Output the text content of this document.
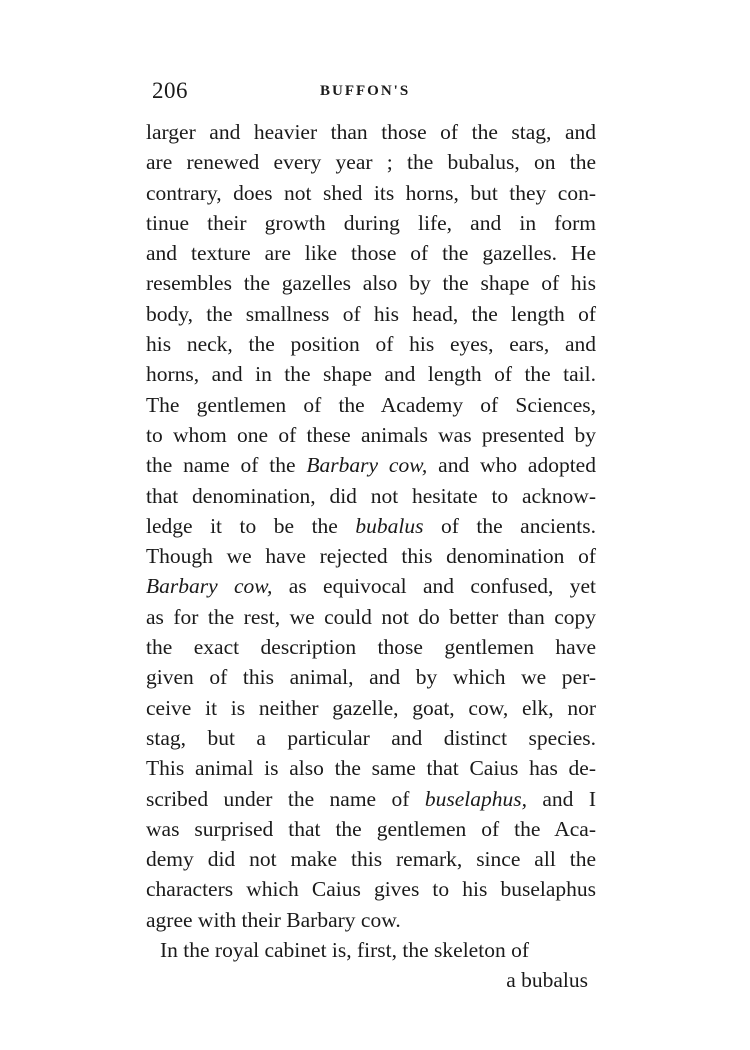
206	BUFFON'S
larger and heavier than those of the stag, and
are renewed every year ; the bubalus, on the
contrary, does not shed its horns, but they con-
tinue their growth during life, and in form
and texture are like those of the gazelles. He
resembles the gazelles also by the shape of his
body, the smallness of his head, the length of
his neck, the position of his eyes, ears, and
horns, and in the shape and length of the tail.
The gentlemen of the Academy of Sciences,
to whom one of these animals was presented by
the name of the Barbary cow, and who adopted
that denomination, did not hesitate to acknow-
ledge it to be the bubalus of the ancients.
Though we have rejected this denomination of
Barbary cow, as equivocal and confused, yet
as for the rest, we could not do better than copy
the exact description those gentlemen have
given of this animal, and by which we per-
ceive it is neither gazelle, goat, cow, elk, nor
stag, but a particular and distinct species.
This animal is also the same that Caius has de-
scribed under the name of buselaphus, and I
was surprised that the gentlemen of the Aca-
demy did not make this remark, since all the
characters which Caius gives to his buselaphus
agree with their Barbary cow.
In the royal cabinet is, first, the skeleton of
a bubalus
